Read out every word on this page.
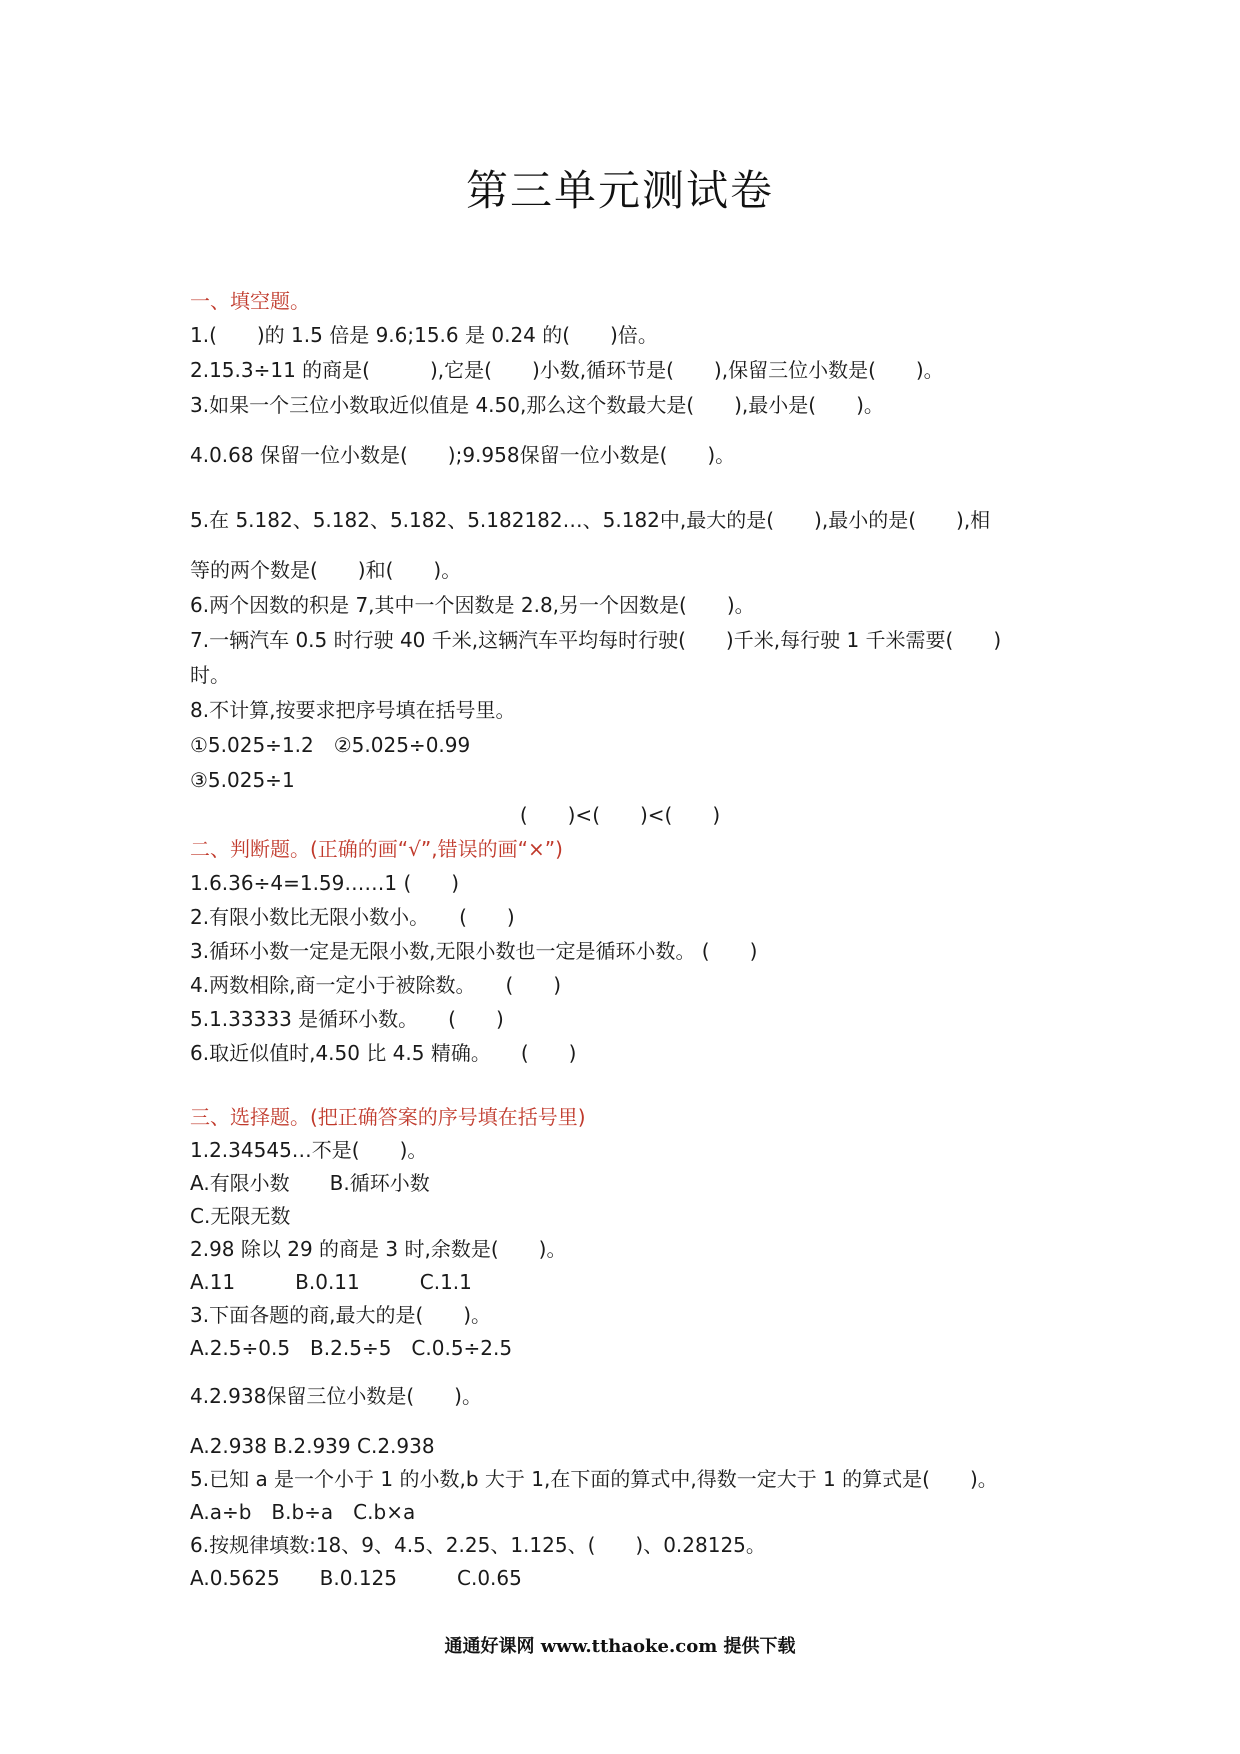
第三单元测试卷
一、填空题。
1.(　　)的 1.5 倍是 9.6;15.6 是 0.24 的(　　)倍。
2.15.3÷11 的商是(　　　),它是(　　)小数,循环节是(　　),保留三位小数是(　　)。
3.如果一个三位小数取近似值是 4.50,那么这个数最大是(　　),最小是(　　)。
4.0.68 保留一位小数是(　　);9.958保留一位小数是(　　)。
5.在 5.182、5.182、5.182、5.182182…、5.182中,最大的是(　　),最小的是(　　),相
等的两个数是(　　)和(　　)。
6.两个因数的积是 7,其中一个因数是 2.8,另一个因数是(　　)。
7.一辆汽车 0.5 时行驶 40 千米,这辆汽车平均每时行驶(　　)千米,每行驶 1 千米需要(　　)
时。
8.不计算,按要求把序号填在括号里。
①5.025÷1.2　②5.025÷0.99
③5.025÷1
(　　)<(　　)<(　　)
二、判断题。(正确的画“√”,错误的画“×”)
1.6.36÷4=1.59……1 (　　)
2.有限小数比无限小数小。　　(　　)
3.循环小数一定是无限小数,无限小数也一定是循环小数。 (　　)
4.两数相除,商一定小于被除数。　　(　　)
5.1.33333 是循环小数。　　(　　)
6.取近似值时,4.50 比 4.5 精确。　　(　　)
三、选择题。(把正确答案的序号填在括号里)
1.2.34545…不是(　　)。
A.有限小数　　B.循环小数
C.无限无数
2.98 除以 29 的商是 3 时,余数是(　　)。
A.11　　　B.0.11　　　C.1.1
3.下面各题的商,最大的是(　　)。
A.2.5÷0.5　B.2.5÷5　C.0.5÷2.5
4.2.938保留三位小数是(　　)。
A.2.938 B.2.939 C.2.938
5.已知 a 是一个小于 1 的小数,b 大于 1,在下面的算式中,得数一定大于 1 的算式是(　　)。
A.a÷b　B.b÷a　C.b×a
6.按规律填数:18、9、4.5、2.25、1.125、(　　)、0.28125。
A.0.5625　　B.0.125　　　C.0.65
通通好课网 www.tthaoke.com 提供下载
